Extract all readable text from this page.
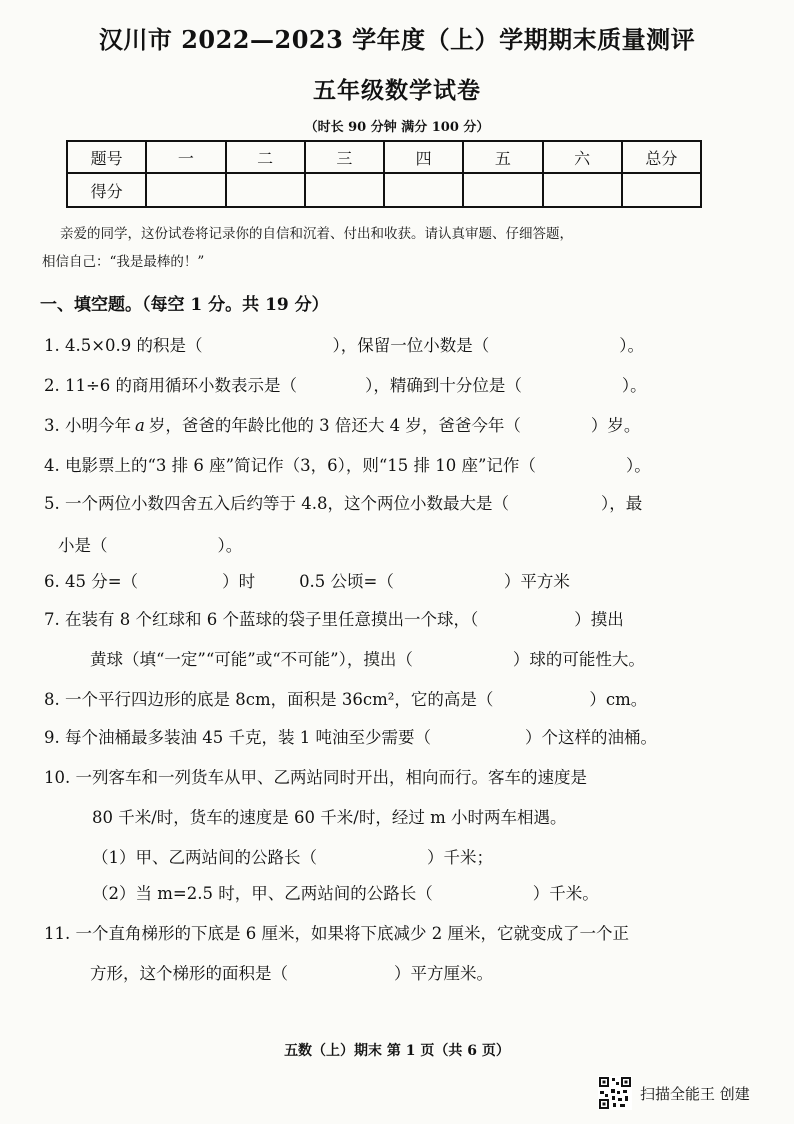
汉川市 2022—2023 学年度（上）学期期末质量测评
五年级数学试卷
（时长 90 分钟 满分 100 分）
题号	一	二	三	四	五	六	总分
得分							
亲爱的同学，这份试卷将记录你的自信和沉着、付出和收获。请认真审题、仔细答题，
相信自己：“我是最棒的！”
一、填空题。（每空 1 分。共 19 分）
1. 4.5×0.9 的积是（	），保留一位小数是（	）。
2. 11÷6 的商用循环小数表示是（	），精确到十分位是（	）。
3. 小明今年 a 岁，爸爸的年龄比他的 3 倍还大 4 岁，爸爸今年（	）岁。
4. 电影票上的“3 排 6 座”简记作（3，6），则“15 排 10 座”记作（	）。
5. 一个两位小数四舍五入后约等于 4.8，这个两位小数最大是（	），最
小是（	）。
6. 45 分=（	）时	0.5 公顷=（	）平方米
7. 在装有 8 个红球和 6 个蓝球的袋子里任意摸出一个球，（	）摸出
黄球（填“一定”“可能”或“不可能”），摸出（	）球的可能性大。
8. 一个平行四边形的底是 8cm，面积是 36cm²，它的高是（	）cm。
9. 每个油桶最多装油 45 千克，装 1 吨油至少需要（	）个这样的油桶。
10. 一列客车和一列货车从甲、乙两站同时开出，相向而行。客车的速度是
80 千米/时，货车的速度是 60 千米/时，经过 m 小时两车相遇。
（1）甲、乙两站间的公路长（	）千米；
（2）当 m=2.5 时，甲、乙两站间的公路长（	）千米。
11. 一个直角梯形的下底是 6 厘米，如果将下底减少 2 厘米，它就变成了一个正
方形，这个梯形的面积是（	）平方厘米。
五数（上）期末 第 1 页（共 6 页）
扫描全能王 创建
